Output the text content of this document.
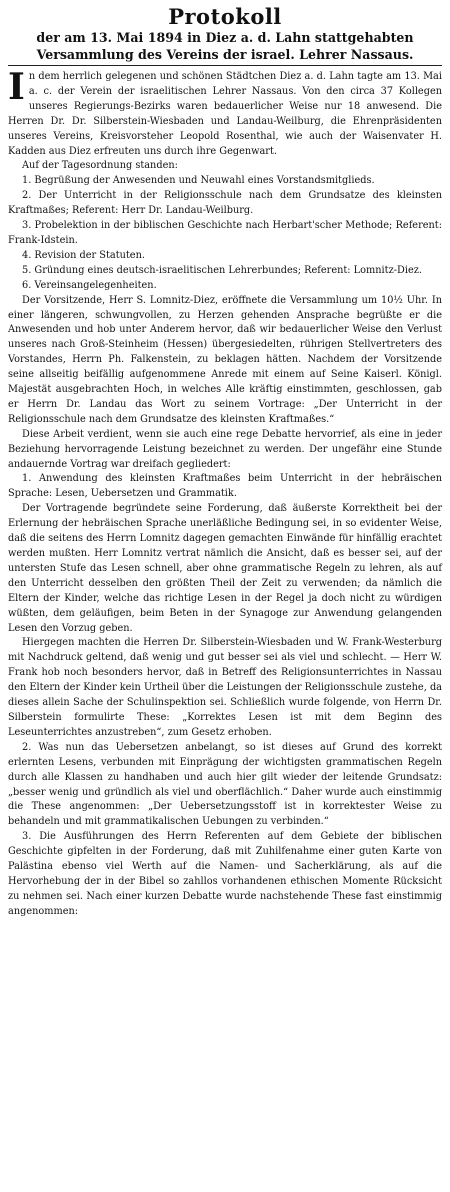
Protokoll
der am 13. Mai 1894 in Diez a. d. Lahn stattgehabten
Versammlung des Vereins der israel. Lehrer Nassaus.

In dem herrlich gelegenen und schönen Städtchen Diez a. d. Lahn tagte am 13. Mai a. c. der Verein der israelitischen Lehrer Nassaus. Von den circa 37 Kollegen unseres Regierungs-Bezirks waren bedauerlicher Weise nur 18 anwesend. Die Herren Dr. Dr. Silberstein-Wiesbaden und Landau-Weilburg, die Ehrenpräsidenten unseres Vereins, Kreisvorsteher Leopold Rosenthal, wie auch der Waisenvater H. Kadden aus Diez erfreuten uns durch ihre Gegenwart.

Auf der Tagesordnung standen:

1. Begrüßung der Anwesenden und Neuwahl eines Vorstandsmitglieds.

2. Der Unterricht in der Religionsschule nach dem Grundsatze des kleinsten Kraftmaßes; Referent: Herr Dr. Landau-Weilburg.

3. Probelektion in der biblischen Geschichte nach Herbart'scher Methode; Referent: Frank-Idstein.

4. Revision der Statuten.

5. Gründung eines deutsch-israelitischen Lehrerbundes; Referent: Lomnitz-Diez.

6. Vereinsangelegenheiten.

Der Vorsitzende, Herr S. Lomnitz-Diez, eröffnete die Versammlung um 10½ Uhr. In einer längeren, schwungvollen, zu Herzen gehenden Ansprache begrüßte er die Anwesenden und hob unter Anderem hervor, daß wir bedauerlicher Weise den Verlust unseres nach Groß-Steinheim (Hessen) übergesiedelten, rührigen Stellvertreters des Vorstandes, Herrn Ph. Falkenstein, zu beklagen hätten. Nachdem der Vorsitzende seine allseitig beifällig aufgenommene Anrede mit einem auf Seine Kaiserl. Königl. Majestät ausgebrachten Hoch, in welches Alle kräftig einstimmten, geschlossen, gab er Herrn Dr. Landau das Wort zu seinem Vortrage: „Der Unterricht in der Religionsschule nach dem Grundsatze des kleinsten Kraftmaßes.“

Diese Arbeit verdient, wenn sie auch eine rege Debatte hervorrief, als eine in jeder Beziehung hervorragende Leistung bezeichnet zu werden. Der ungefähr eine Stunde andauernde Vortrag war dreifach gegliedert:

1. Anwendung des kleinsten Kraftmaßes beim Unterricht in der hebräischen Sprache: Lesen, Uebersetzen und Grammatik.

Der Vortragende begründete seine Forderung, daß äußerste Korrektheit bei der Erlernung der hebräischen Sprache unerläßliche Bedingung sei, in so evidenter Weise, daß die seitens des Herrn Lomnitz dagegen gemachten Einwände für hinfällig erachtet werden mußten. Herr Lomnitz vertrat nämlich die Ansicht, daß es besser sei, auf der untersten Stufe das Lesen schnell, aber ohne grammatische Regeln zu lehren, als auf den Unterricht desselben den größten Theil der Zeit zu verwenden; da nämlich die Eltern der Kinder, welche das richtige Lesen in der Regel ja doch nicht zu würdigen wüßten, dem geläufigen, beim Beten in der Synagoge zur Anwendung gelangenden Lesen den Vorzug geben.

Hiergegen machten die Herren Dr. Silberstein-Wiesbaden und W. Frank-Westerburg mit Nachdruck geltend, daß wenig und gut besser sei als viel und schlecht. — Herr W. Frank hob noch besonders hervor, daß in Betreff des Religionsunterrichtes in Nassau den Eltern der Kinder kein Urtheil über die Leistungen der Religionsschule zustehe, da dieses allein Sache der Schulinspektion sei. Schließlich wurde folgende, von Herrn Dr. Silberstein formulirte These: „Korrektes Lesen ist mit dem Beginn des Leseunterrichtes anzustreben“, zum Gesetz erhoben.

2. Was nun das Uebersetzen anbelangt, so ist dieses auf Grund des korrekt erlernten Lesens, verbunden mit Einprägung der wichtigsten grammatischen Regeln durch alle Klassen zu handhaben und auch hier gilt wieder der leitende Grundsatz: „besser wenig und gründlich als viel und oberflächlich.“ Daher wurde auch einstimmig die These angenommen: „Der Uebersetzungsstoff ist in korrektester Weise zu behandeln und mit grammatikalischen Uebungen zu verbinden.“

3. Die Ausführungen des Herrn Referenten auf dem Gebiete der biblischen Geschichte gipfelten in der Forderung, daß mit Zuhilfenahme einer guten Karte von Palästina ebenso viel Werth auf die Namen- und Sacherklärung, als auf die Hervorhebung der in der Bibel so zahllos vorhandenen ethischen Momente Rücksicht zu nehmen sei. Nach einer kurzen Debatte wurde nachstehende These fast einstimmig angenommen:
